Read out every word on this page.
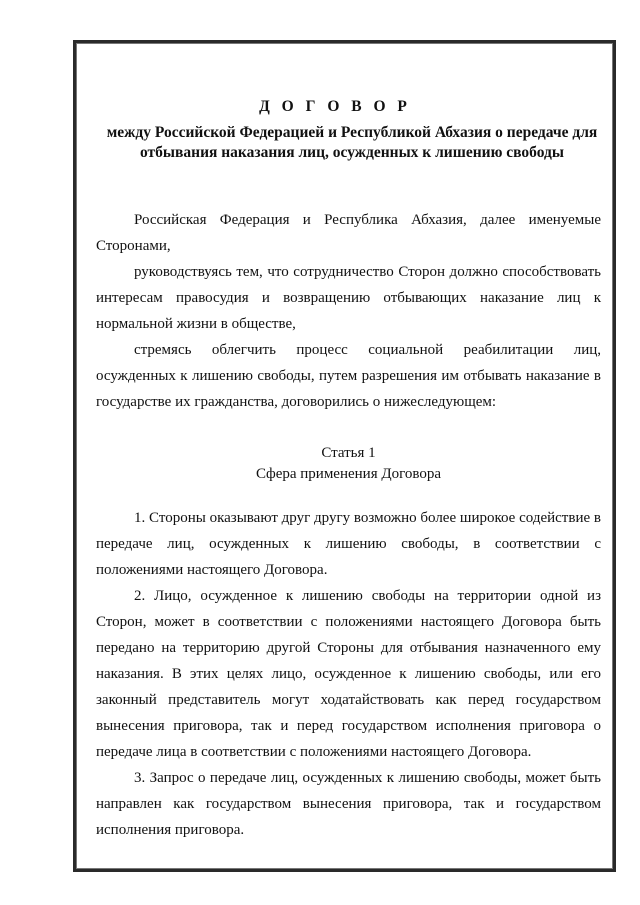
Д О Г О В О Р
между Российской Федерацией и Республикой Абхазия о передаче для отбывания наказания лиц, осужденных к лишению свободы
Российская Федерация и Республика Абхазия, далее именуемые Сторонами,
руководствуясь тем, что сотрудничество Сторон должно способствовать интересам правосудия и возвращению отбывающих наказание лиц к нормальной жизни в обществе,
стремясь облегчить процесс социальной реабилитации лиц, осужденных к лишению свободы, путем разрешения им отбывать наказание в государстве их гражданства, договорились о нижеследующем:
Статья 1
Сфера применения Договора
1. Стороны оказывают друг другу возможно более широкое содействие в передаче лиц, осужденных к лишению свободы, в соответствии с положениями настоящего Договора.
2. Лицо, осужденное к лишению свободы на территории одной из Сторон, может в соответствии с положениями настоящего Договора быть передано на территорию другой Стороны для отбывания назначенного ему наказания. В этих целях лицо, осужденное к лишению свободы, или его законный представитель могут ходатайствовать как перед государством вынесения приговора, так и перед государством исполнения приговора о передаче лица в соответствии с положениями настоящего Договора.
3. Запрос о передаче лиц, осужденных к лишению свободы, может быть направлен как государством вынесения приговора, так и государством исполнения приговора.
